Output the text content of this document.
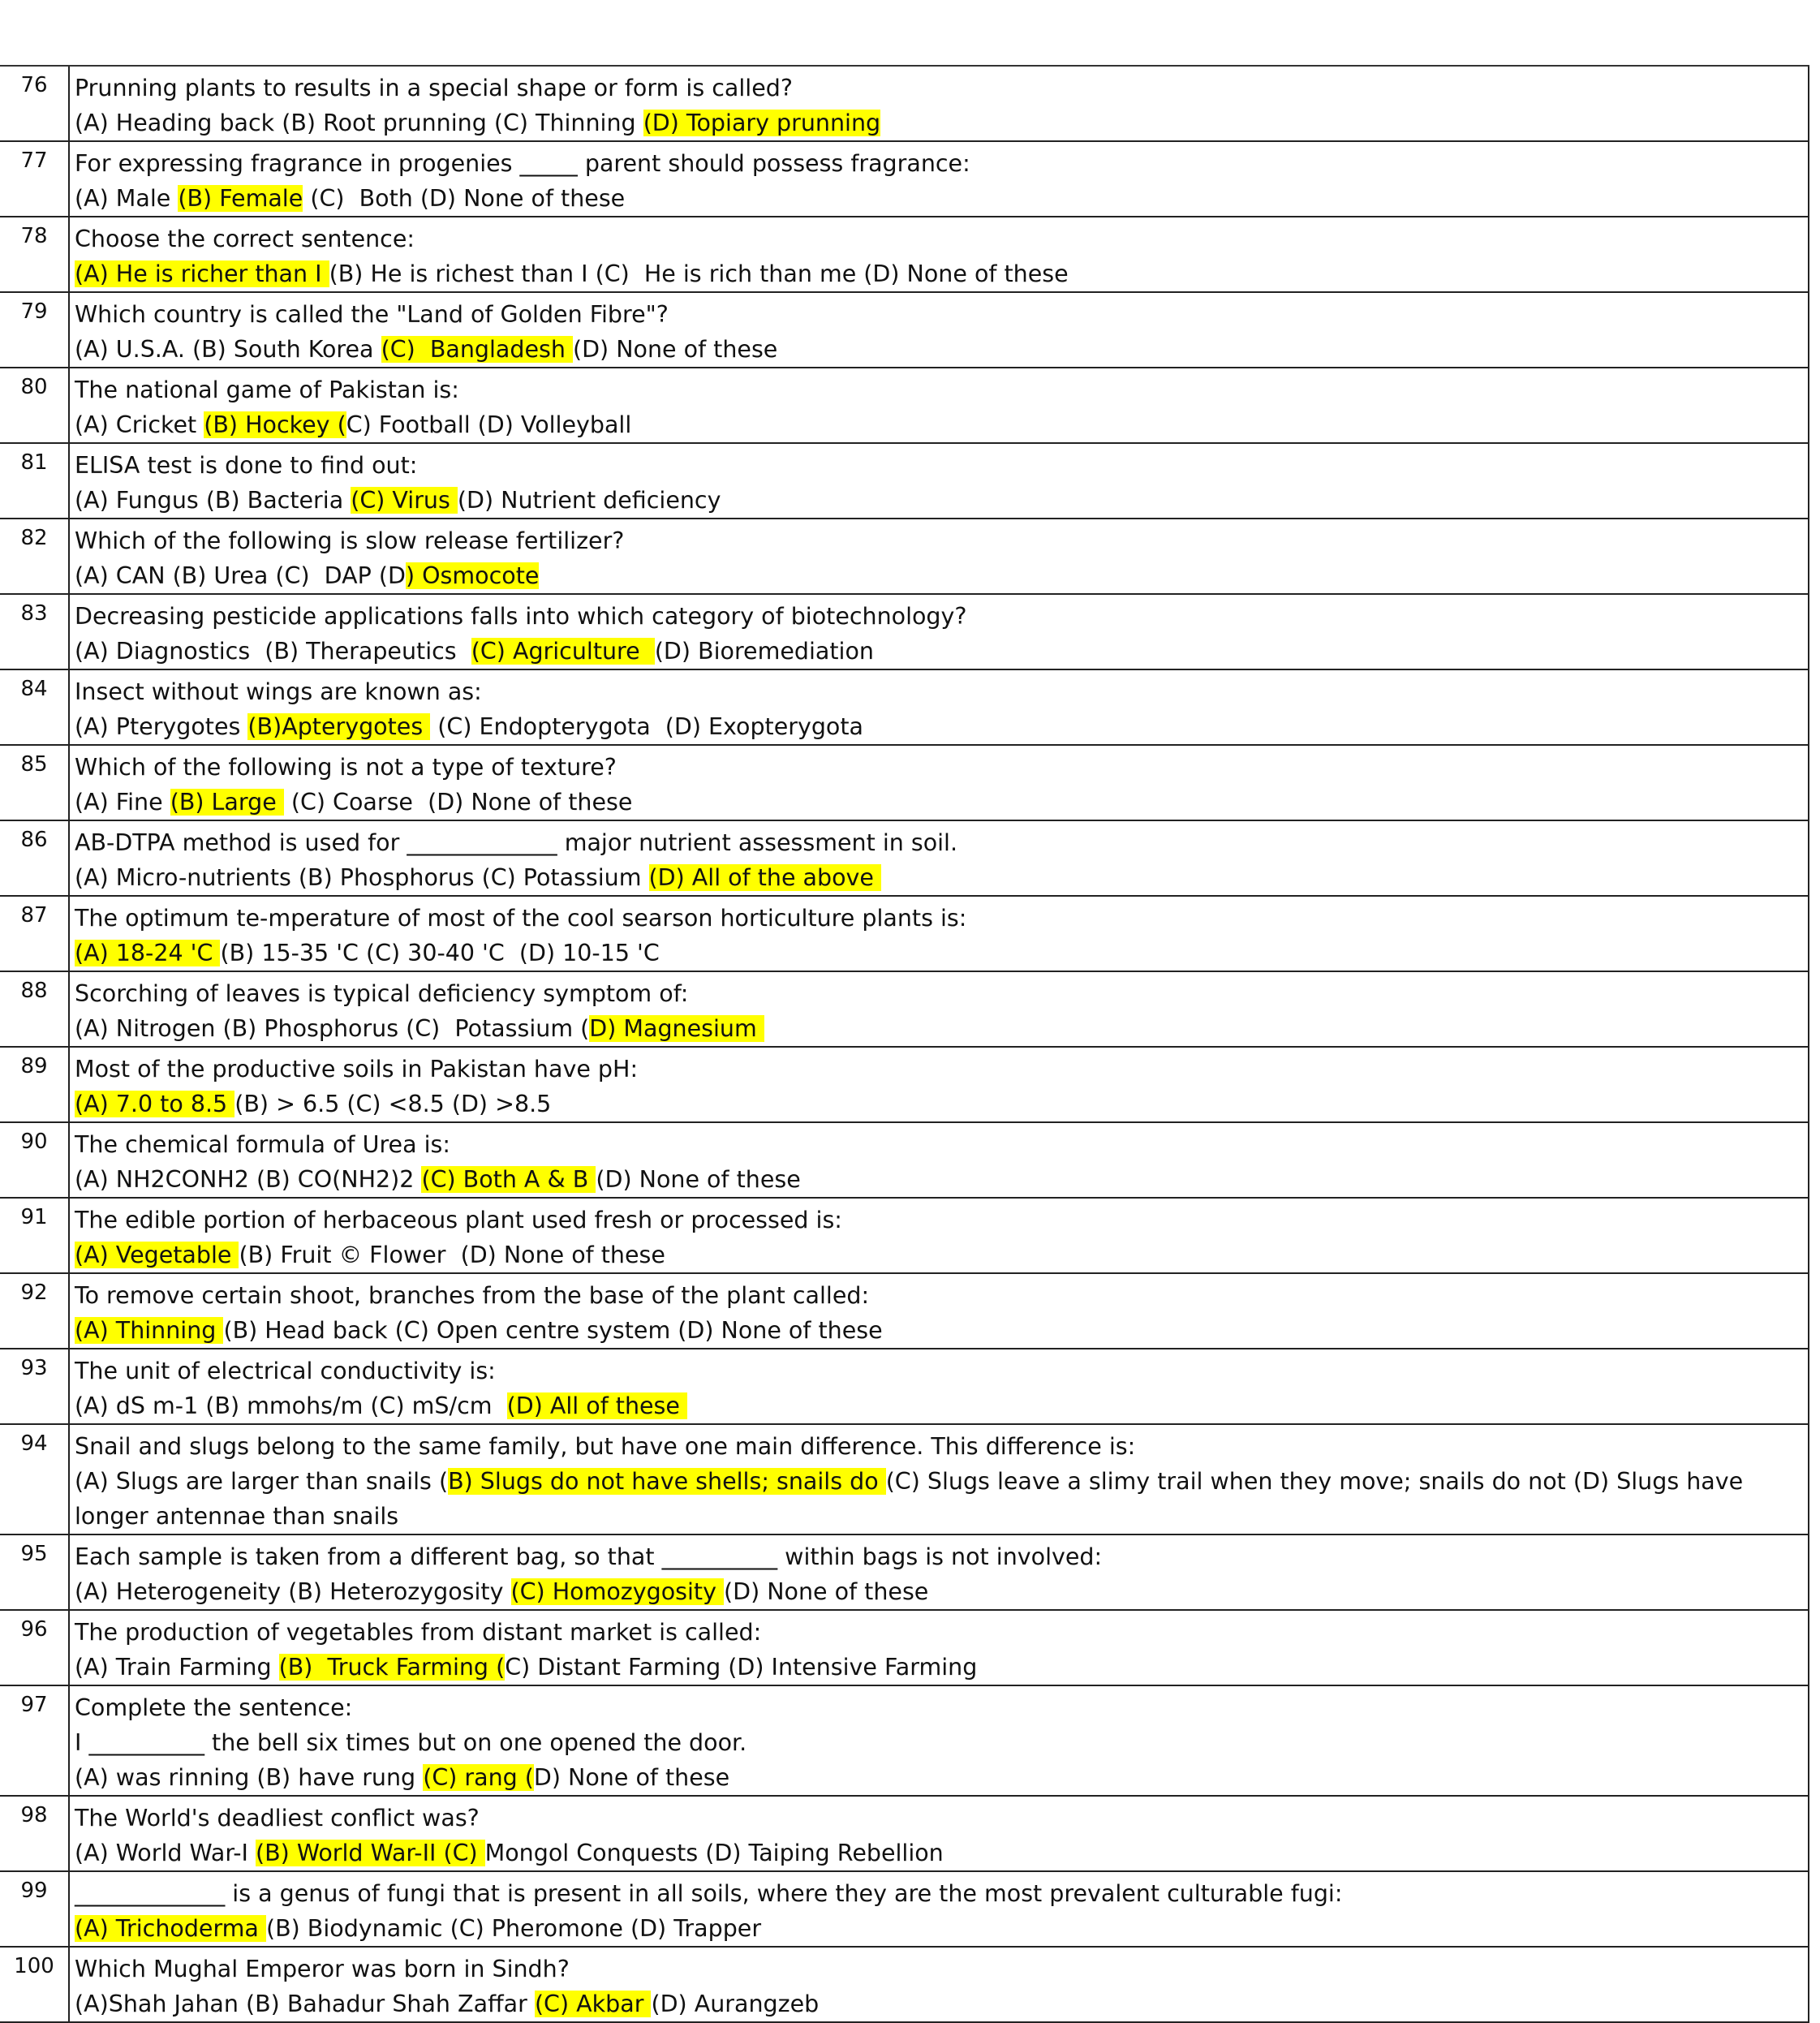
76	Prunning plants to results in a special shape or form is called?
(A) Heading back (B) Root prunning (C) Thinning (D) Topiary prunning
77	For expressing fragrance in progenies _____ parent should possess fragrance:
(A) Male (B) Female (C)  Both (D) None of these
78	Choose the correct sentence:
(A) He is richer than I (B) He is richest than I (C)  He is rich than me (D) None of these
79	Which country is called the "Land of Golden Fibre"?
(A) U.S.A. (B) South Korea (C)  Bangladesh (D) None of these
80	The national game of Pakistan is:
(A) Cricket (B) Hockey (C) Football (D) Volleyball
81	ELISA test is done to find out:
(A) Fungus (B) Bacteria (C) Virus (D) Nutrient deficiency
82	Which of the following is slow release fertilizer?
(A) CAN (B) Urea (C)  DAP (D) Osmocote
83	Decreasing pesticide applications falls into which category of biotechnology?
(A) Diagnostics  (B) Therapeutics  (C) Agriculture  (D) Bioremediation
84	Insect without wings are known as:
(A) Pterygotes (B)Apterygotes  (C) Endopterygota  (D) Exopterygota
85	Which of the following is not a type of texture?
(A) Fine (B) Large  (C) Coarse  (D) None of these
86	AB-DTPA method is used for _____________ major nutrient assessment in soil.
(A) Micro-nutrients (B) Phosphorus (C) Potassium (D) All of the above
87	The optimum te-mperature of most of the cool searson horticulture plants is:
(A) 18-24 'C (B) 15-35 'C (C) 30-40 'C  (D) 10-15 'C
88	Scorching of leaves is typical deficiency symptom of:
(A) Nitrogen (B) Phosphorus (C)  Potassium (D) Magnesium
89	Most of the productive soils in Pakistan have pH:
(A) 7.0 to 8.5 (B) > 6.5 (C) <8.5 (D) >8.5
90	The chemical formula of Urea is:
(A) NH2CONH2 (B) CO(NH2)2 (C) Both A & B (D) None of these
91	The edible portion of herbaceous plant used fresh or processed is:
(A) Vegetable (B) Fruit © Flower  (D) None of these
92	To remove certain shoot, branches from the base of the plant called:
(A) Thinning (B) Head back (C) Open centre system (D) None of these
93	The unit of electrical conductivity is:
(A) dS m-1 (B) mmohs/m (C) mS/cm  (D) All of these
94	Snail and slugs belong to the same family, but have one main difference. This difference is:
(A) Slugs are larger than snails (B) Slugs do not have shells; snails do (C) Slugs leave a slimy trail when they move; snails do not (D) Slugs have longer antennae than snails
95	Each sample is taken from a different bag, so that __________ within bags is not involved:
(A) Heterogeneity (B) Heterozygosity (C) Homozygosity (D) None of these
96	The production of vegetables from distant market is called:
(A) Train Farming (B)  Truck Farming (C) Distant Farming (D) Intensive Farming
97	Complete the sentence:
I __________ the bell six times but on one opened the door.
(A) was rinning (B) have rung (C) rang (D) None of these
98	The World's deadliest conflict was?
(A) World War-I (B) World War-II (C) Mongol Conquests (D) Taiping Rebellion
99	_____________ is a genus of fungi that is present in all soils, where they are the most prevalent culturable fugi:
(A) Trichoderma (B) Biodynamic (C) Pheromone (D) Trapper
100 Which Mughal Emperor was born in Sindh?
(A)Shah Jahan (B) Bahadur Shah Zaffar (C) Akbar (D) Aurangzeb
